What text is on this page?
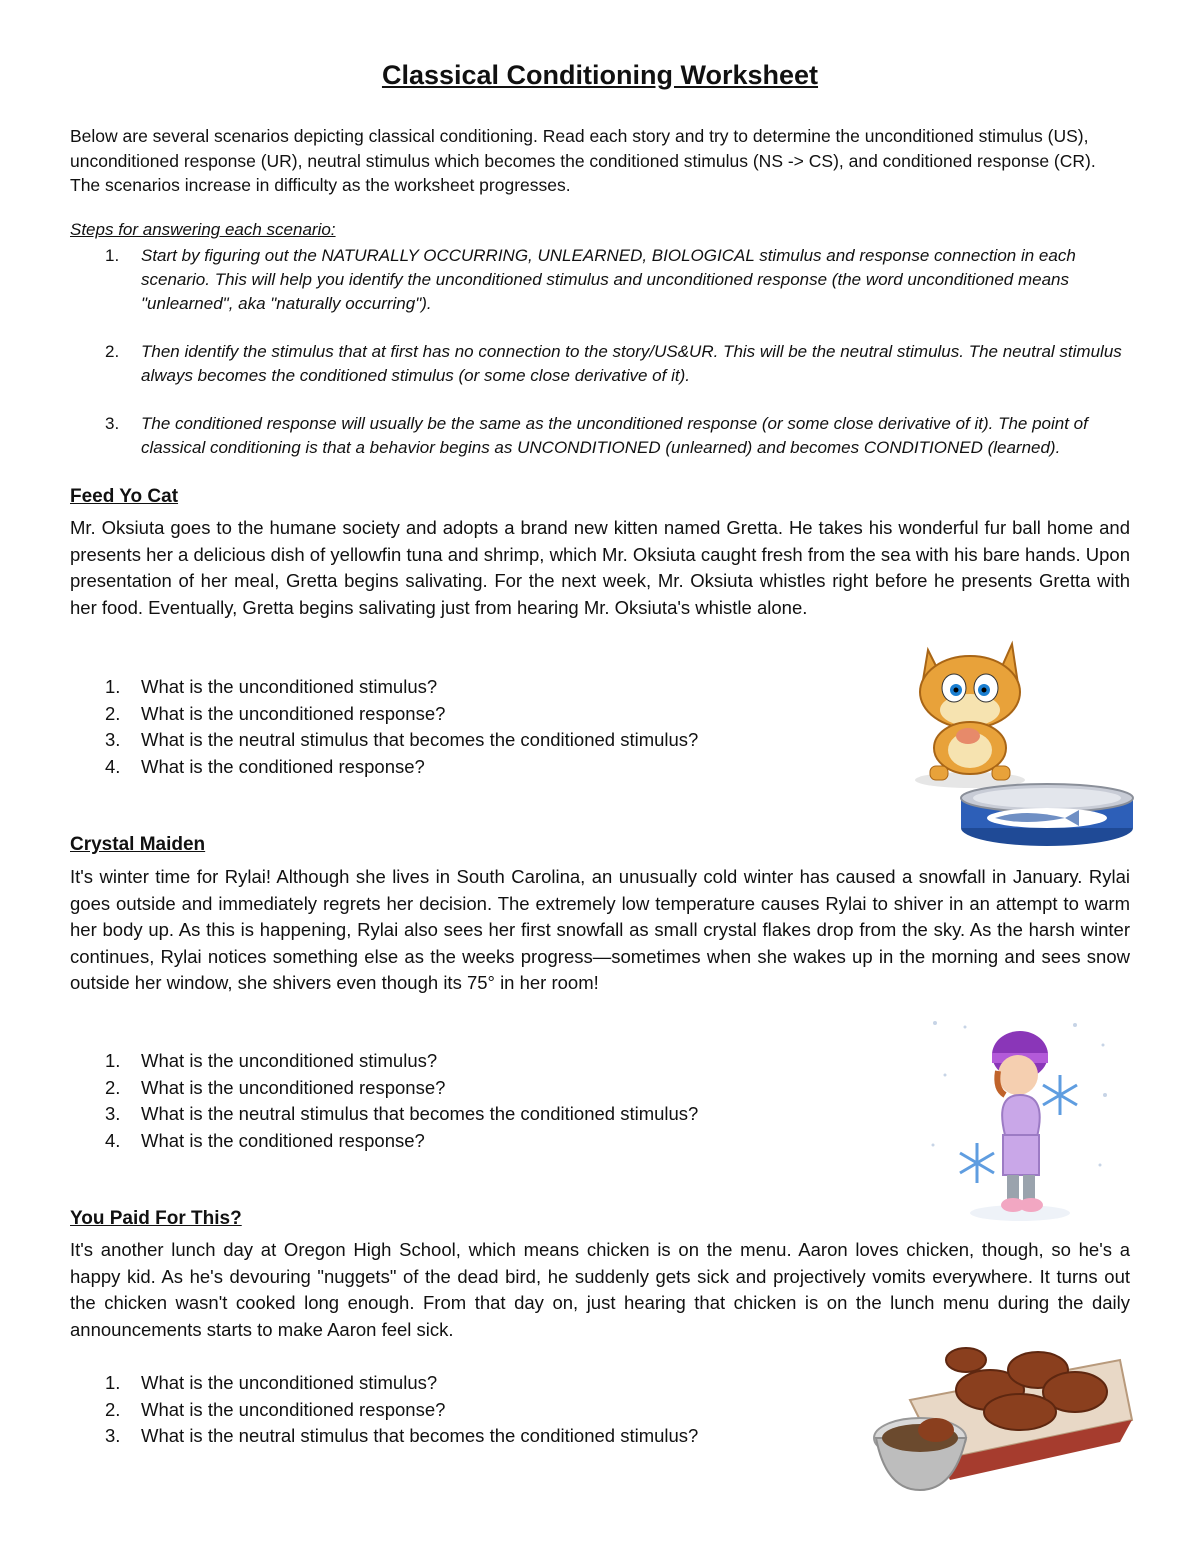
Classical Conditioning Worksheet
Below are several scenarios depicting classical conditioning. Read each story and try to determine the unconditioned stimulus (US), unconditioned response (UR), neutral stimulus which becomes the conditioned stimulus (NS -> CS), and conditioned response (CR). The scenarios increase in difficulty as the worksheet progresses.
Steps for answering each scenario:
1. Start by figuring out the NATURALLY OCCURRING, UNLEARNED, BIOLOGICAL stimulus and response connection in each scenario. This will help you identify the unconditioned stimulus and unconditioned response (the word unconditioned means "unlearned", aka "naturally occurring").
2. Then identify the stimulus that at first has no connection to the story/US&UR. This will be the neutral stimulus. The neutral stimulus always becomes the conditioned stimulus (or some close derivative of it).
3. The conditioned response will usually be the same as the unconditioned response (or some close derivative of it). The point of classical conditioning is that a behavior begins as UNCONDITIONED (unlearned) and becomes CONDITIONED (learned).
Feed Yo Cat
Mr. Oksiuta goes to the humane society and adopts a brand new kitten named Gretta. He takes his wonderful fur ball home and presents her a delicious dish of yellowfin tuna and shrimp, which Mr. Oksiuta caught fresh from the sea with his bare hands. Upon presentation of her meal, Gretta begins salivating. For the next week, Mr. Oksiuta whistles right before he presents Gretta with her food. Eventually, Gretta begins salivating just from hearing Mr. Oksiuta's whistle alone.
1. What is the unconditioned stimulus?
2. What is the unconditioned response?
3. What is the neutral stimulus that becomes the conditioned stimulus?
4. What is the conditioned response?
Crystal Maiden
It's winter time for Rylai! Although she lives in South Carolina, an unusually cold winter has caused a snowfall in January. Rylai goes outside and immediately regrets her decision. The extremely low temperature causes Rylai to shiver in an attempt to warm her body up. As this is happening, Rylai also sees her first snowfall as small crystal flakes drop from the sky. As the harsh winter continues, Rylai notices something else as the weeks progress—sometimes when she wakes up in the morning and sees snow outside her window, she shivers even though its 75° in her room!
1. What is the unconditioned stimulus?
2. What is the unconditioned response?
3. What is the neutral stimulus that becomes the conditioned stimulus?
4. What is the conditioned response?
You Paid For This?
It's another lunch day at Oregon High School, which means chicken is on the menu. Aaron loves chicken, though, so he's a happy kid. As he's devouring "nuggets" of the dead bird, he suddenly gets sick and projectively vomits everywhere. It turns out the chicken wasn't cooked long enough. From that day on, just hearing that chicken is on the lunch menu during the daily announcements starts to make Aaron feel sick.
1. What is the unconditioned stimulus?
2. What is the unconditioned response?
3. What is the neutral stimulus that becomes the conditioned stimulus?
